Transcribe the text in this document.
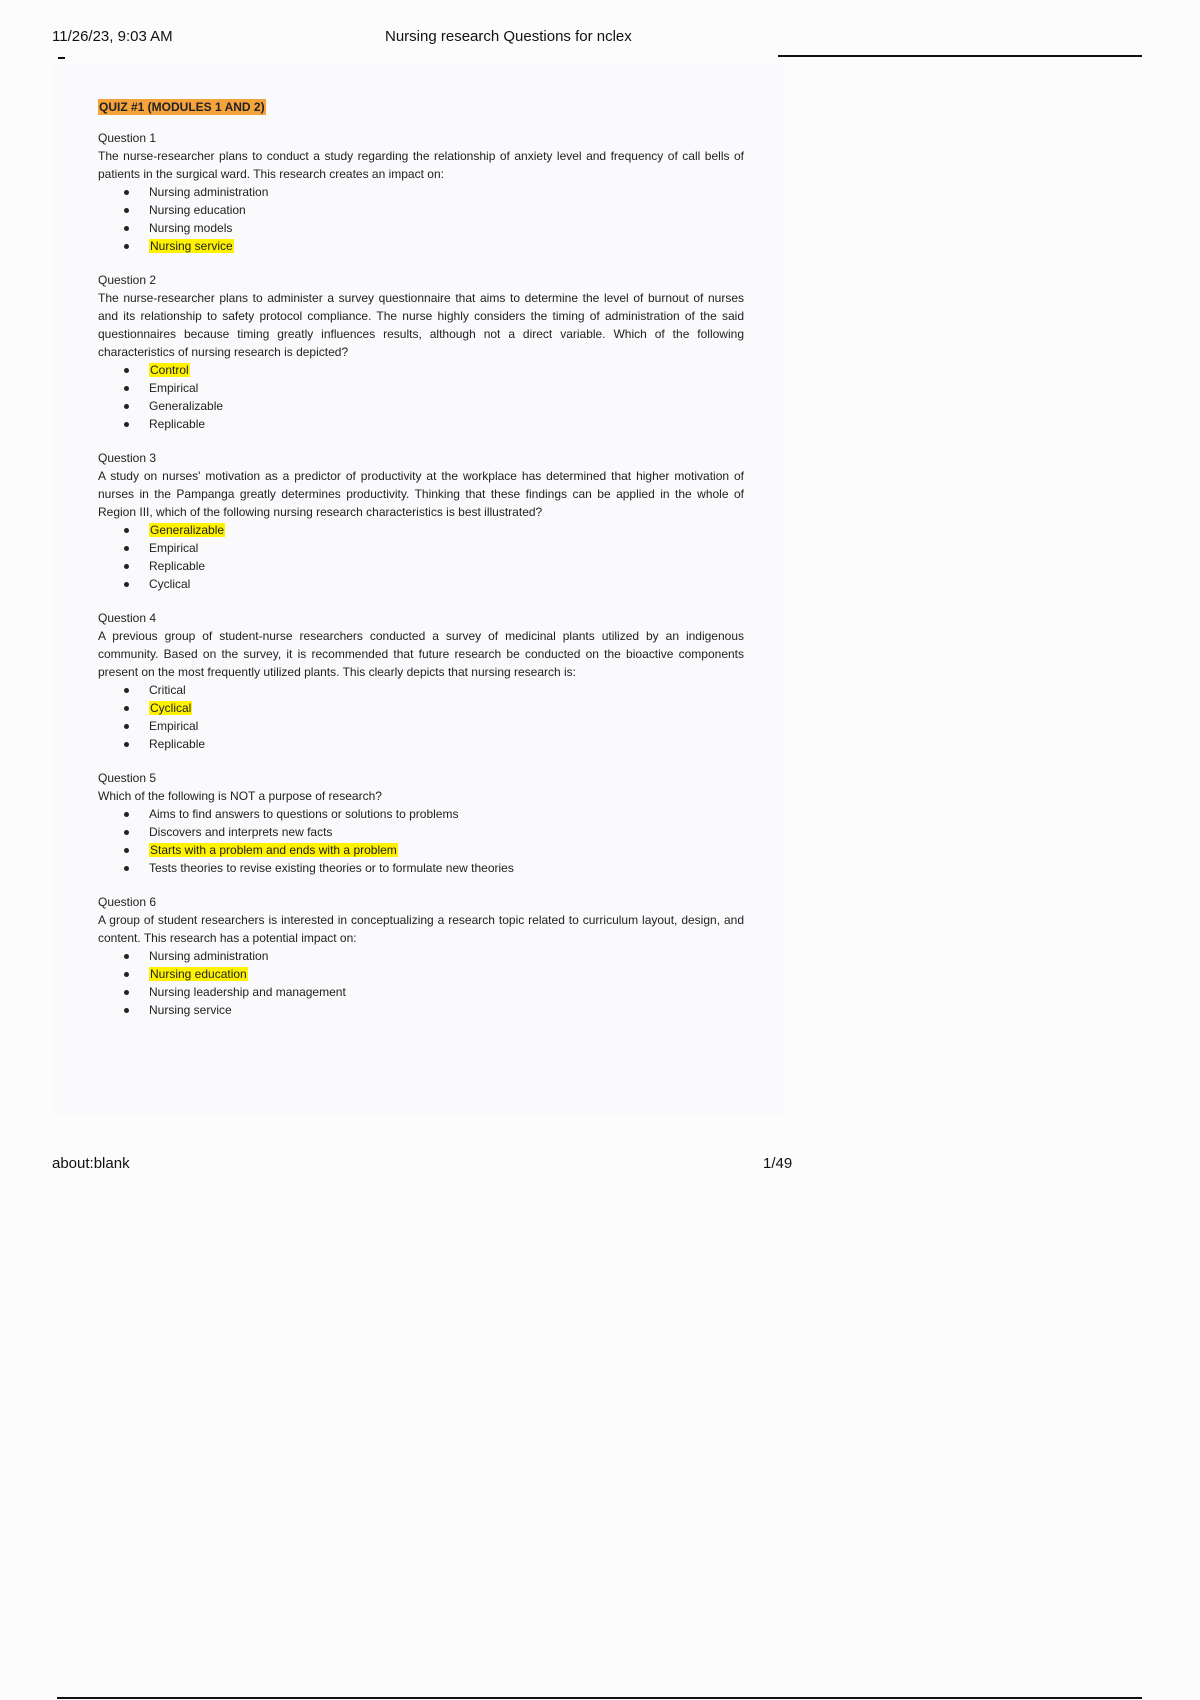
11/26/23, 9:03 AM	Nursing research Questions for nclex
QUIZ #1 (MODULES 1 AND 2)
Question 1
The nurse-researcher plans to conduct a study regarding the relationship of anxiety level and frequency of call bells of patients in the surgical ward. This research creates an impact on:
Nursing administration
Nursing education
Nursing models
Nursing service
Question 2
The nurse-researcher plans to administer a survey questionnaire that aims to determine the level of burnout of nurses and its relationship to safety protocol compliance. The nurse highly considers the timing of administration of the said questionnaires because timing greatly influences results, although not a direct variable. Which of the following characteristics of nursing research is depicted?
Control
Empirical
Generalizable
Replicable
Question 3
A study on nurses' motivation as a predictor of productivity at the workplace has determined that higher motivation of nurses in the Pampanga greatly determines productivity. Thinking that these findings can be applied in the whole of Region III, which of the following nursing research characteristics is best illustrated?
Generalizable
Empirical
Replicable
Cyclical
Question 4
A previous group of student-nurse researchers conducted a survey of medicinal plants utilized by an indigenous community. Based on the survey, it is recommended that future research be conducted on the bioactive components present on the most frequently utilized plants. This clearly depicts that nursing research is:
Critical
Cyclical
Empirical
Replicable
Question 5
Which of the following is NOT a purpose of research?
Aims to find answers to questions or solutions to problems
Discovers and interprets new facts
Starts with a problem and ends with a problem
Tests theories to revise existing theories or to formulate new theories
Question 6
A group of student researchers is interested in conceptualizing a research topic related to curriculum layout, design, and content. This research has a potential impact on:
Nursing administration
Nursing education
Nursing leadership and management
Nursing service
about:blank	1/49
